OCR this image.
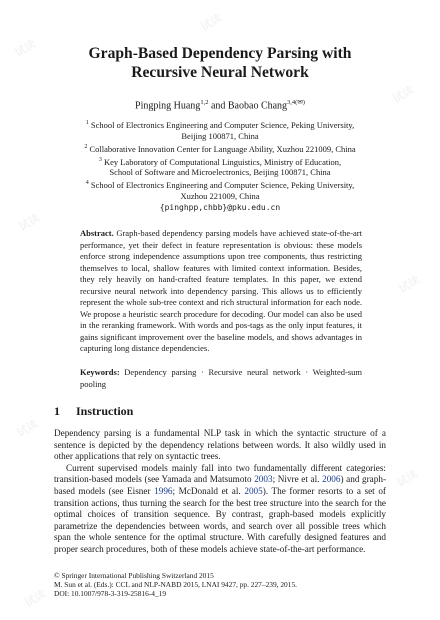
试读
试读
试读
试读
试读
试读
试读
试读
Graph-Based Dependency Parsing with
Recursive Neural Network
Pingping Huang$^{1,2}$ and Baobao Chang$^{3,4(✉)}$
$^1$ School of Electronics Engineering and Computer Science, Peking University,
Beijing 100871, China
$^2$ Collaborative Innovation Center for Language Ability, Xuzhou 221009, China
$^3$ Key Laboratory of Computational Linguistics, Ministry of Education,
School of Software and Microelectronics, Beijing 100871, China
$^4$ School of Electronics Engineering and Computer Science, Peking University,
Xuzhou 221009, China
{pinghpp,chbb}@pku.edu.cn
Abstract. Graph-based dependency parsing models have achieved state-of-the-art performance, yet their defect in feature representation is obvious: these models enforce strong independence assumptions upon tree components, thus restricting themselves to local, shallow features with limited context information. Besides, they rely heavily on hand-crafted feature templates. In this paper, we extend recursive neural network into dependency parsing. This allows us to efficiently represent the whole sub-tree context and rich structural information for each node. We propose a heuristic search procedure for decoding. Our model can also be used in the reranking framework. With words and pos-tags as the only input features, it gains significant improvement over the baseline models, and shows advantages in capturing long distance dependencies.
Keywords: Dependency parsing · Recursive neural network · Weighted-sum pooling
1 Instruction

Dependency parsing is a fundamental NLP task in which the syntactic structure of a sentence is depicted by the dependency relations between words. It also wildly used in other applications that rely on syntactic trees.

Current supervised models mainly fall into two fundamentally different categories: transition-based models (see Yamada and Matsumoto 2003; Nivre et al. 2006) and graph-based models (see Eisner 1996; McDonald et al. 2005). The former resorts to a set of transition actions, thus turning the search for the best tree structure into the search for the optimal choices of transition sequence. By contrast, graph-based models explicitly parametrize the dependencies between words, and search over all possible trees which span the whole sentence for the optimal structure. With carefully designed features and proper search procedures, both of these models achieve state-of-the-art performance.

© Springer International Publishing Switzerland 2015
M. Sun et al. (Eds.): CCL and NLP-NABD 2015, LNAI 9427, pp. 227–239, 2015.
DOI: 10.1007/978-3-319-25816-4_19
